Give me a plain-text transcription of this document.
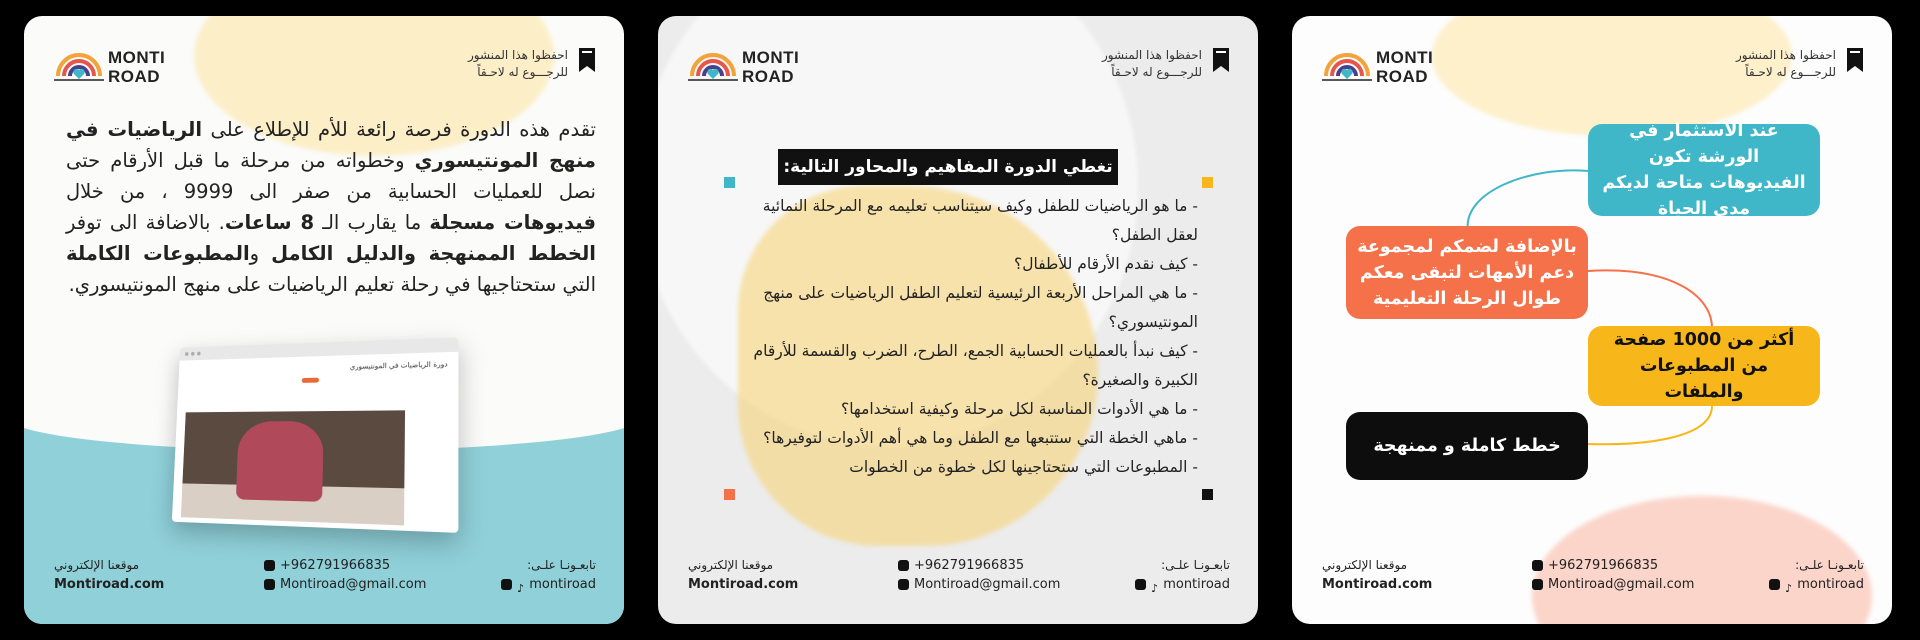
MONTI
ROAD
احفظوا هذا المنشور
للرجـــوع له لاحـقاً
تقدم هذه الدورة فرصة رائعة للأم للإطلاع على الرياضيات في منهج المونتيسوري وخطواته من مرحلة ما قبل الأرقام حتى نصل للعمليات الحسابية من صفر الى 9999 ، من خلال فيديوهات مسجلة ما يقارب الـ 8 ساعات. بالاضافة الى توفر الخطط الممنهجة والدليل الكامل والمطبوعات الكاملة التي ستحتاجيها في رحلة تعليم الرياضيات على منهج المونتيسوري.
دورة الرياضيات في المونتيسوري
موقعنا الإلكتروني
Montiroad.com
+962791966835
Montiroad@gmail.com
تابعـونـا علـى:
♪ montiroad
MONTI
ROAD
احفظوا هذا المنشور
للرجـــوع له لاحـقاً
تغطي الدورة المفاهيم والمحاور التالية:
- ما هو الرياضيات للطفل وكيف سيتناسب تعليمه مع المرحلة النمائية لعقل الطفل؟
- كيف نقدم الأرقام للأطفال؟
- ما هي المراحل الأربعة الرئيسية لتعليم الطفل الرياضيات على منهج المونتيسوري؟
- كيف نبدأ بالعمليات الحسابية الجمع، الطرح، الضرب والقسمة للأرقام الكبيرة والصغيرة؟
- ما هي الأدوات المناسبة لكل مرحلة وكيفية استخدامها؟
- ماهي الخطة التي ستتبعها مع الطفل وما هي أهم الأدوات لتوفيرها؟
- المطبوعات التي ستحتاجينها لكل خطوة من الخطوات
موقعنا الإلكتروني
Montiroad.com
+962791966835
Montiroad@gmail.com
تابعـونـا علـى:
♪ montiroad
MONTI
ROAD
احفظوا هذا المنشور
للرجـــوع له لاحـقاً
عند الاستثمار في الورشة تكون الفيديوهات متاحة لديكم مدى الحياة
بالإضافة لضمكم لمجموعة دعم الأمهات لتبقى معكم طوال الرحلة التعليمية
أكثر من 1000 صفحة من المطبوعات والملفات
خطط كاملة و ممنهجة
موقعنا الإلكتروني
Montiroad.com
+962791966835
Montiroad@gmail.com
تابعـونـا علـى:
♪ montiroad
